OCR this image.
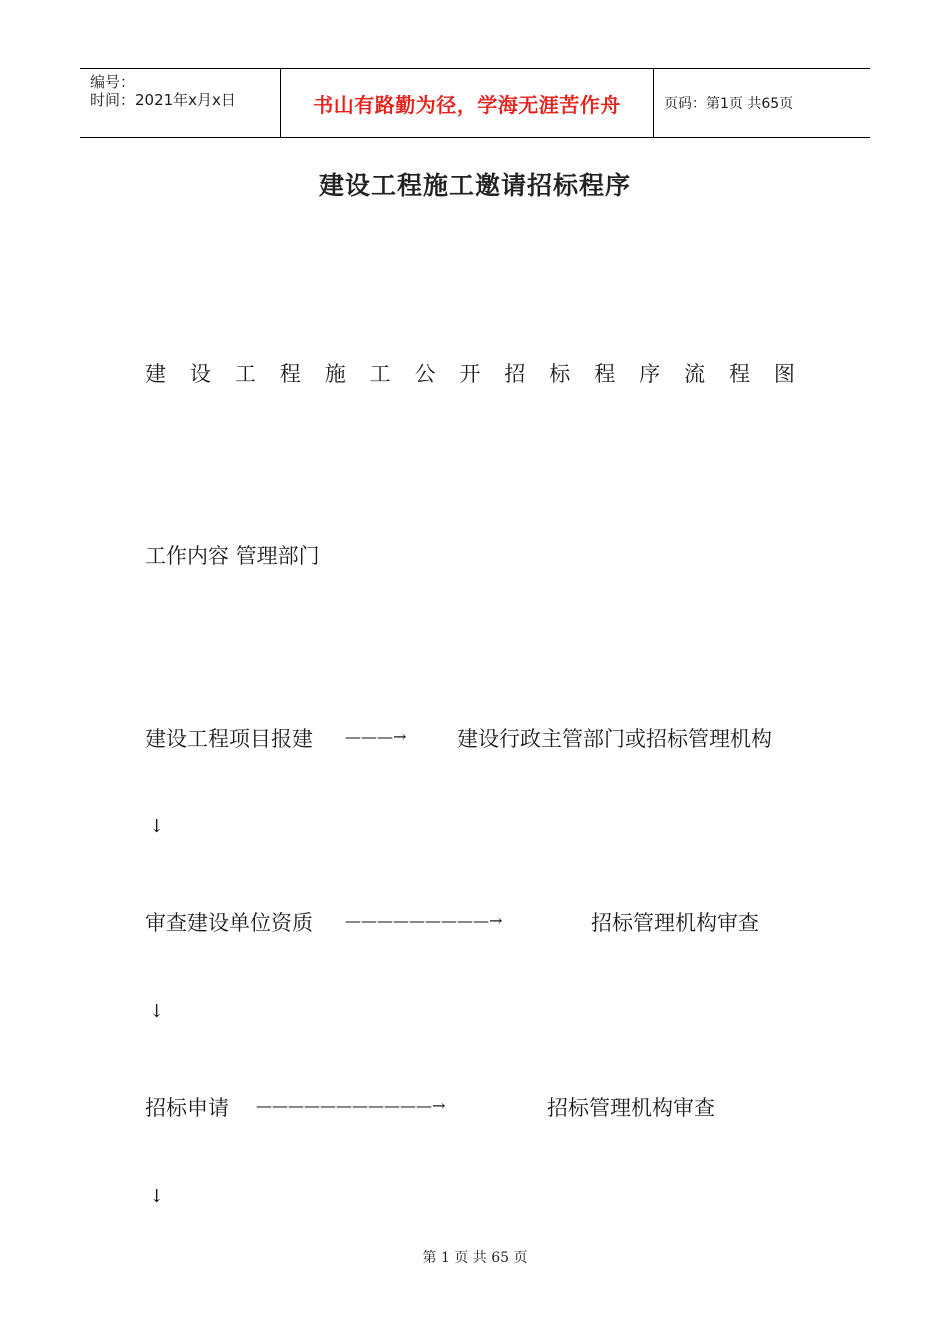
编号：
时间：2021年x月x日	书山有路勤为径，学海无涯苦作舟	页码：第1页 共65页
建设工程施工邀请招标程序
建 设 工 程 施 工 公 开 招 标 程 序 流 程 图
工作内容 管理部门
建设工程项目报建 ———→ 建设行政主管部门或招标管理机构
↓
审查建设单位资质 —————————→	招标管理机构审查
↓
招标申请 ———————————→	招标管理机构审查
↓
第 1 页 共 65 页
